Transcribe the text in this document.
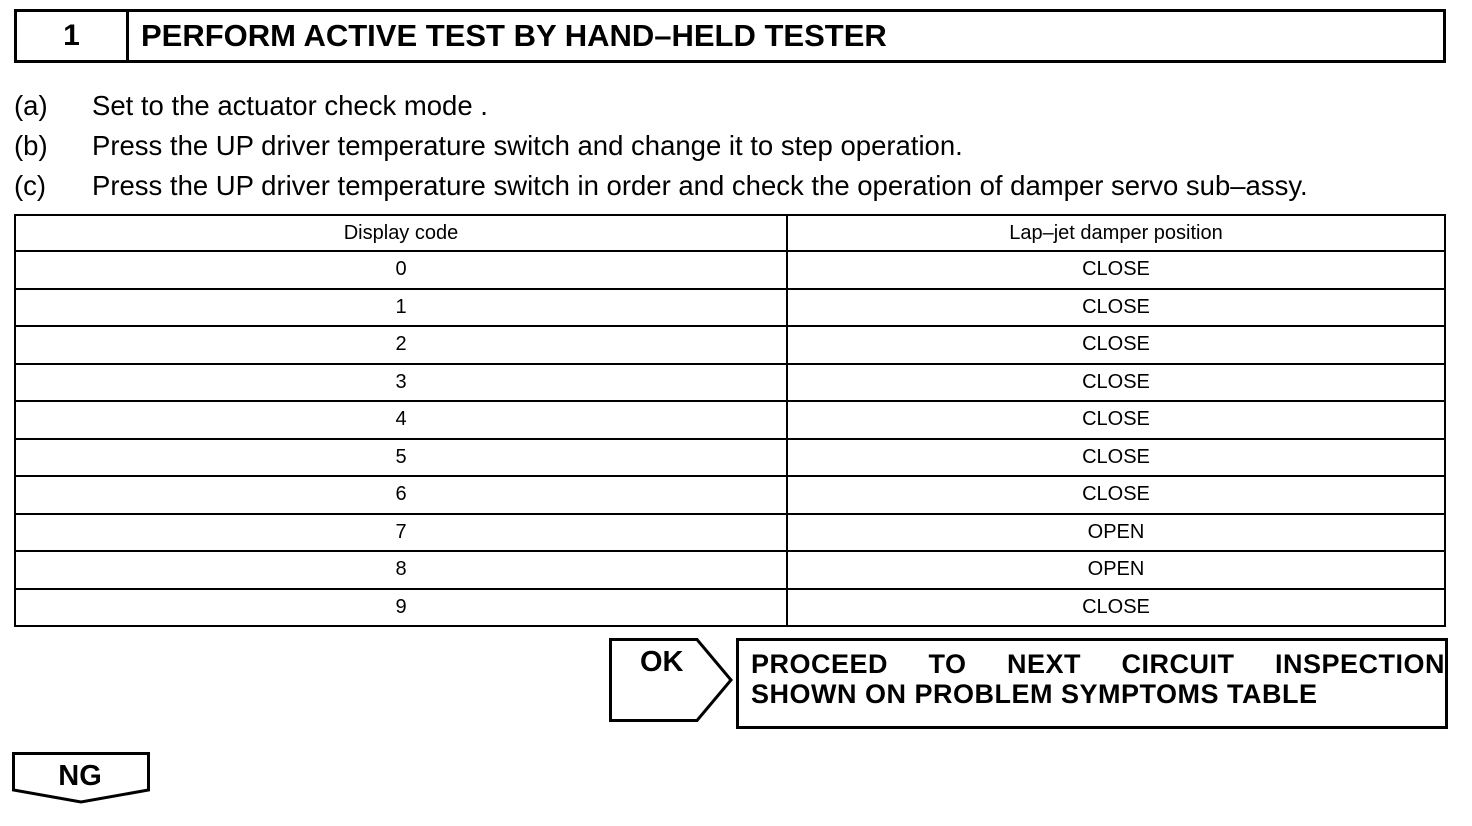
1	PERFORM ACTIVE TEST BY HAND–HELD TESTER
(a)	Set to the actuator check mode .
(b)	Press the UP driver temperature switch and change it to step operation.
(c)	Press the UP driver temperature switch in order and check the operation of damper servo sub–assy.
Display code	Lap–jet damper position
0	CLOSE
1	CLOSE
2	CLOSE
3	CLOSE
4	CLOSE
5	CLOSE
6	CLOSE
7	OPEN
8	OPEN
9	CLOSE
OK	PROCEED TO NEXT CIRCUIT INSPECTION
SHOWN ON PROBLEM SYMPTOMS TABLE
NG
